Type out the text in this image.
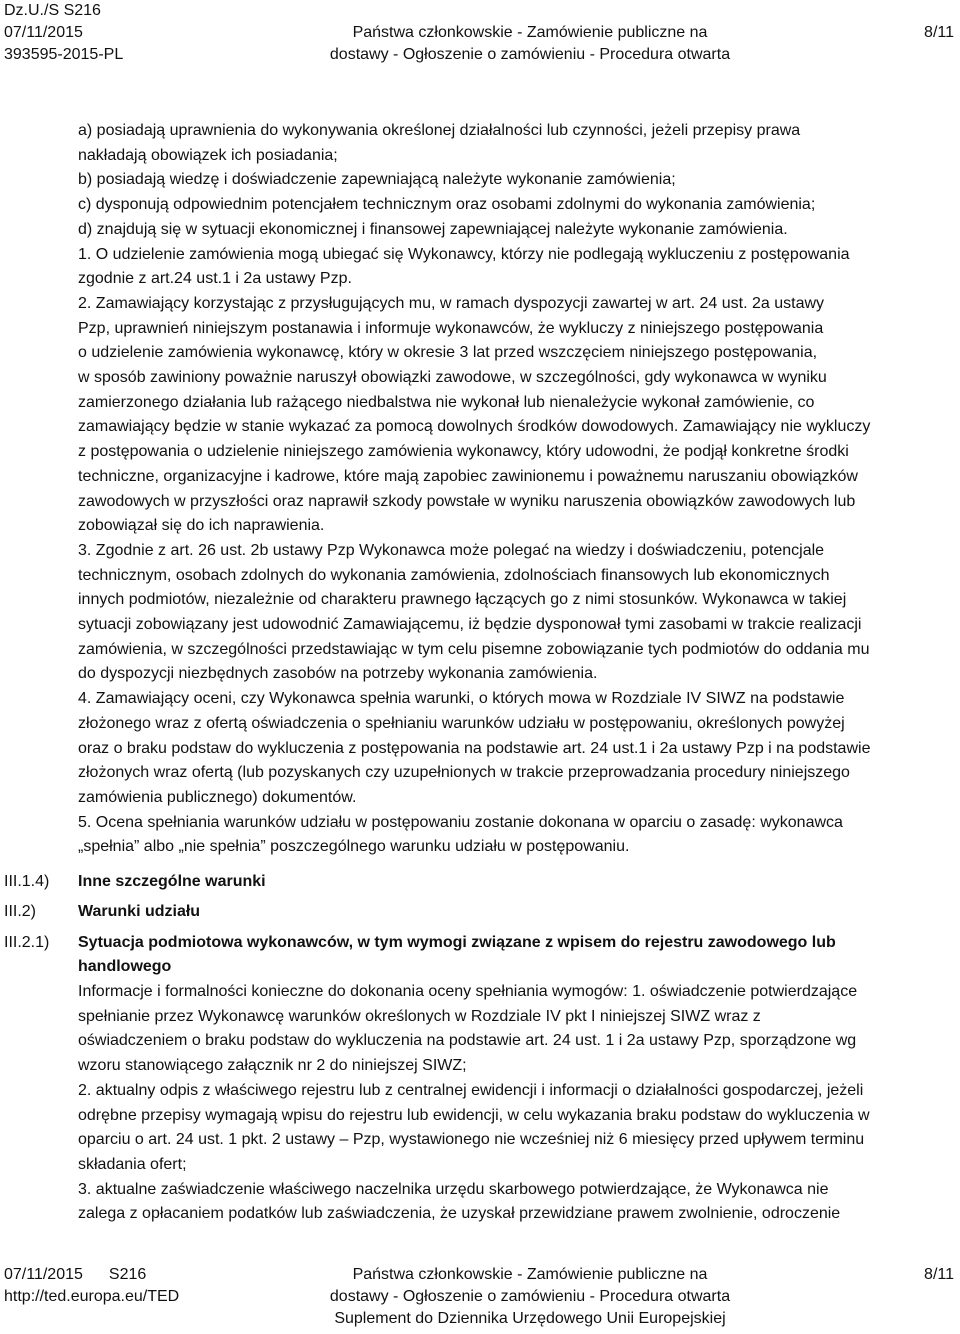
Dz.U./S S216
07/11/2015
393595-2015-PL
Państwa członkowskie - Zamówienie publiczne na
dostawy - Ogłoszenie o zamówieniu - Procedura otwarta
8/11
a) posiadają uprawnienia do wykonywania określonej działalności lub czynności, jeżeli przepisy prawa
nakładają obowiązek ich posiadania;
b) posiadają wiedzę i doświadczenie zapewniającą należyte wykonanie zamówienia;
c) dysponują odpowiednim potencjałem technicznym oraz osobami zdolnymi do wykonania zamówienia;
d) znajdują się w sytuacji ekonomicznej i finansowej zapewniającej należyte wykonanie zamówienia.
1. O udzielenie zamówienia mogą ubiegać się Wykonawcy, którzy nie podlegają wykluczeniu z postępowania
zgodnie z art.24 ust.1 i 2a ustawy Pzp.
2. Zamawiający korzystając z przysługujących mu, w ramach dyspozycji zawartej w art. 24 ust. 2a ustawy
Pzp, uprawnień niniejszym postanawia i informuje wykonawców, że wykluczy z niniejszego postępowania
o udzielenie zamówienia wykonawcę, który w okresie 3 lat przed wszczęciem niniejszego postępowania,
w sposób zawiniony poważnie naruszył obowiązki zawodowe, w szczególności, gdy wykonawca w wyniku
zamierzonego działania lub rażącego niedbalstwa nie wykonał lub nienależycie wykonał zamówienie, co
zamawiający będzie w stanie wykazać za pomocą dowolnych środków dowodowych. Zamawiający nie wykluczy
z postępowania o udzielenie niniejszego zamówienia wykonawcy, który udowodni, że podjął konkretne środki
techniczne, organizacyjne i kadrowe, które mają zapobiec zawinionemu i poważnemu naruszaniu obowiązków
zawodowych w przyszłości oraz naprawił szkody powstałe w wyniku naruszenia obowiązków zawodowych lub
zobowiązał się do ich naprawienia.
3. Zgodnie z art. 26 ust. 2b ustawy Pzp Wykonawca może polegać na wiedzy i doświadczeniu, potencjale
technicznym, osobach zdolnych do wykonania zamówienia, zdolnościach finansowych lub ekonomicznych
innych podmiotów, niezależnie od charakteru prawnego łączących go z nimi stosunków. Wykonawca w takiej
sytuacji zobowiązany jest udowodnić Zamawiającemu, iż będzie dysponował tymi zasobami w trakcie realizacji
zamówienia, w szczególności przedstawiając w tym celu pisemne zobowiązanie tych podmiotów do oddania mu
do dyspozycji niezbędnych zasobów na potrzeby wykonania zamówienia.
4. Zamawiający oceni, czy Wykonawca spełnia warunki, o których mowa w Rozdziale IV SIWZ na podstawie
złożonego wraz z ofertą oświadczenia o spełnianiu warunków udziału w postępowaniu, określonych powyżej
oraz o braku podstaw do wykluczenia z postępowania na podstawie art. 24 ust.1 i 2a ustawy Pzp i na podstawie
złożonych wraz ofertą (lub pozyskanych czy uzupełnionych w trakcie przeprowadzania procedury niniejszego
zamówienia publicznego) dokumentów.
5. Ocena spełniania warunków udziału w postępowaniu zostanie dokonana w oparciu o zasadę: wykonawca
„spełnia” albo „nie spełnia” poszczególnego warunku udziału w postępowaniu.
III.1.4) Inne szczególne warunki
III.2)	Warunki udziału
III.2.1) Sytuacja podmiotowa wykonawców, w tym wymogi związane z wpisem do rejestru zawodowego lub
handlowego
Informacje i formalności konieczne do dokonania oceny spełniania wymogów: 1. oświadczenie potwierdzające
spełnianie przez Wykonawcę warunków określonych w Rozdziale IV pkt I niniejszej SIWZ wraz z
oświadczeniem o braku podstaw do wykluczenia na podstawie art. 24 ust. 1 i 2a ustawy Pzp, sporządzone wg
wzoru stanowiącego załącznik nr 2 do niniejszej SIWZ;
2. aktualny odpis z właściwego rejestru lub z centralnej ewidencji i informacji o działalności gospodarczej, jeżeli
odrębne przepisy wymagają wpisu do rejestru lub ewidencji, w celu wykazania braku podstaw do wykluczenia w
oparciu o art. 24 ust. 1 pkt. 2 ustawy – Pzp, wystawionego nie wcześniej niż 6 miesięcy przed upływem terminu
składania ofert;
3. aktualne zaświadczenie właściwego naczelnika urzędu skarbowego potwierdzające, że Wykonawca nie
zalega z opłacaniem podatków lub zaświadczenia, że uzyskał przewidziane prawem zwolnienie, odroczenie
07/11/2015 S216
http://ted.europa.eu/TED
Państwa członkowskie - Zamówienie publiczne na
dostawy - Ogłoszenie o zamówieniu - Procedura otwarta
Suplement do Dziennika Urzędowego Unii Europejskiej
8/11
